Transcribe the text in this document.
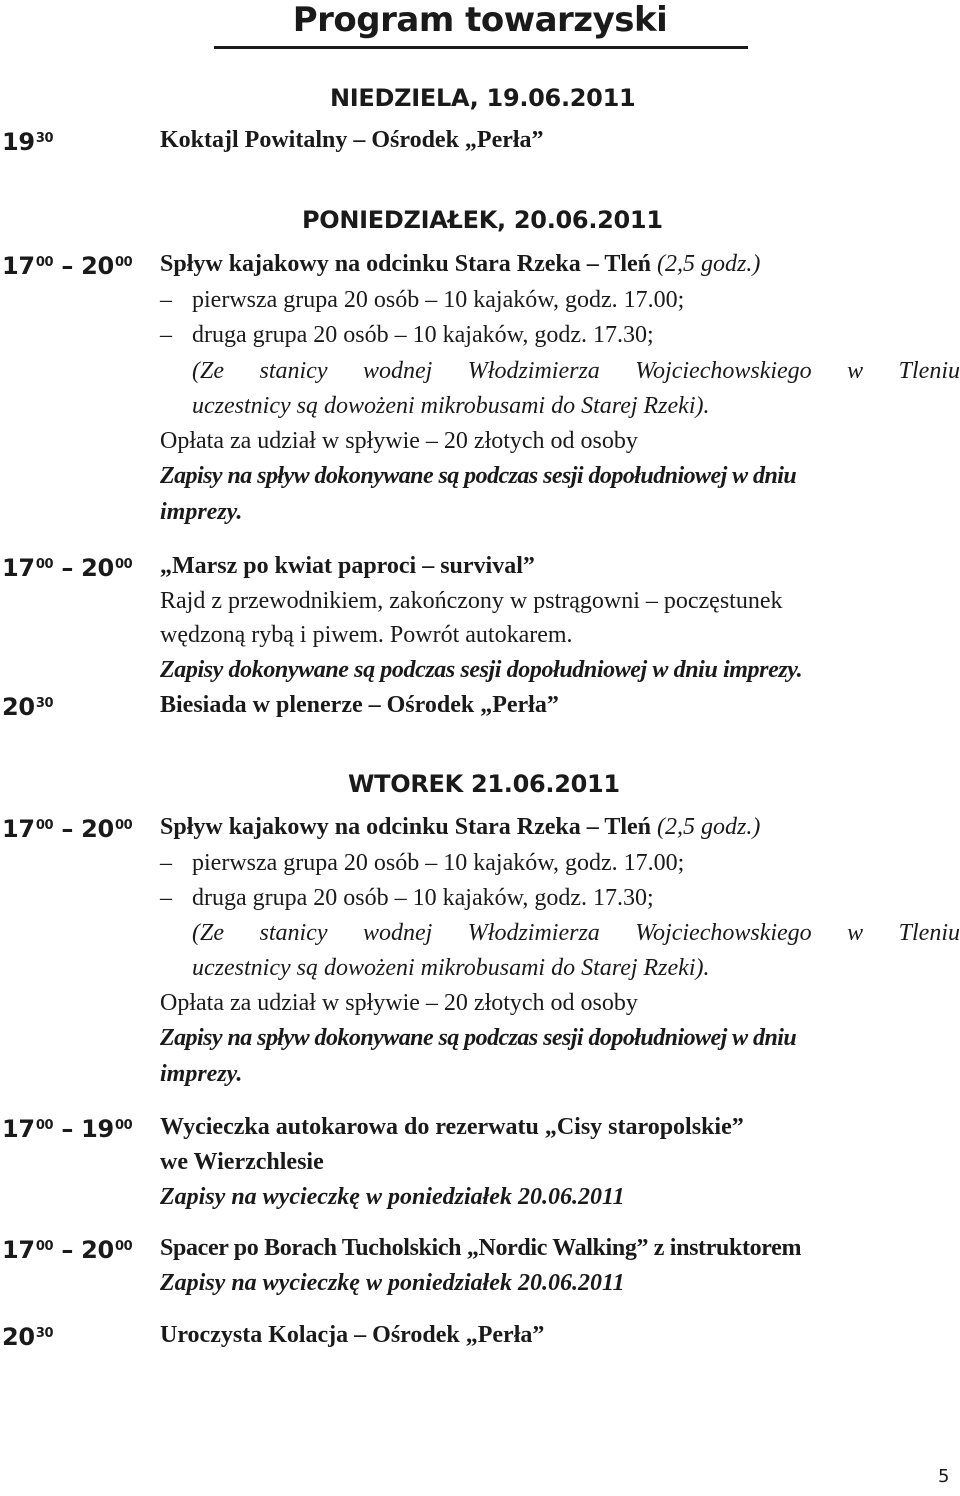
Program towarzyski
NIEDZIELA, 19.06.2011
$19^{30}$	Koktajl Powitalny – Ośrodek „Perła”
PONIEDZIAŁEK, 20.06.2011
$17^{00} - 20^{00}$ Spływ kajakowy na odcinku Stara Rzeka – Tleń (2,5 godz.)
– pierwsza grupa 20 osób – 10 kajaków, godz. 17.00;
– druga grupa 20 osób – 10 kajaków, godz. 17.30;
(Ze stanicy wodnej Włodzimierza Wojciechowskiego w Tleniu
uczestnicy są dowożeni mikrobusami do Starej Rzeki).
Opłata za udział w spływie – 20 złotych od osoby
Zapisy na spływ dokonywane są podczas sesji dopołudniowej w dniu
imprezy.
$17^{00} - 20^{00}$ „Marsz po kwiat paproci – survival”
Rajd z przewodnikiem, zakończony w pstrągowni – poczęstunek
wędzoną rybą i piwem. Powrót autokarem.
Zapisy dokonywane są podczas sesji dopołudniowej w dniu imprezy.
$20^{30}$	Biesiada w plenerze – Ośrodek „Perła”
WTOREK 21.06.2011
$17^{00} - 20^{00}$ Spływ kajakowy na odcinku Stara Rzeka – Tleń (2,5 godz.)
– pierwsza grupa 20 osób – 10 kajaków, godz. 17.00;
– druga grupa 20 osób – 10 kajaków, godz. 17.30;
(Ze stanicy wodnej Włodzimierza Wojciechowskiego w Tleniu
uczestnicy są dowożeni mikrobusami do Starej Rzeki).
Opłata za udział w spływie – 20 złotych od osoby
Zapisy na spływ dokonywane są podczas sesji dopołudniowej w dniu
imprezy.
$17^{00} - 19^{00}$ Wycieczka autokarowa do rezerwatu „Cisy staropolskie”
we Wierzchlesie
Zapisy na wycieczkę w poniedziałek 20.06.2011
$17^{00} - 20^{00}$ Spacer po Borach Tucholskich „Nordic Walking” z instruktorem
Zapisy na wycieczkę w poniedziałek 20.06.2011
$20^{30}$	Uroczysta Kolacja – Ośrodek „Perła”
5
